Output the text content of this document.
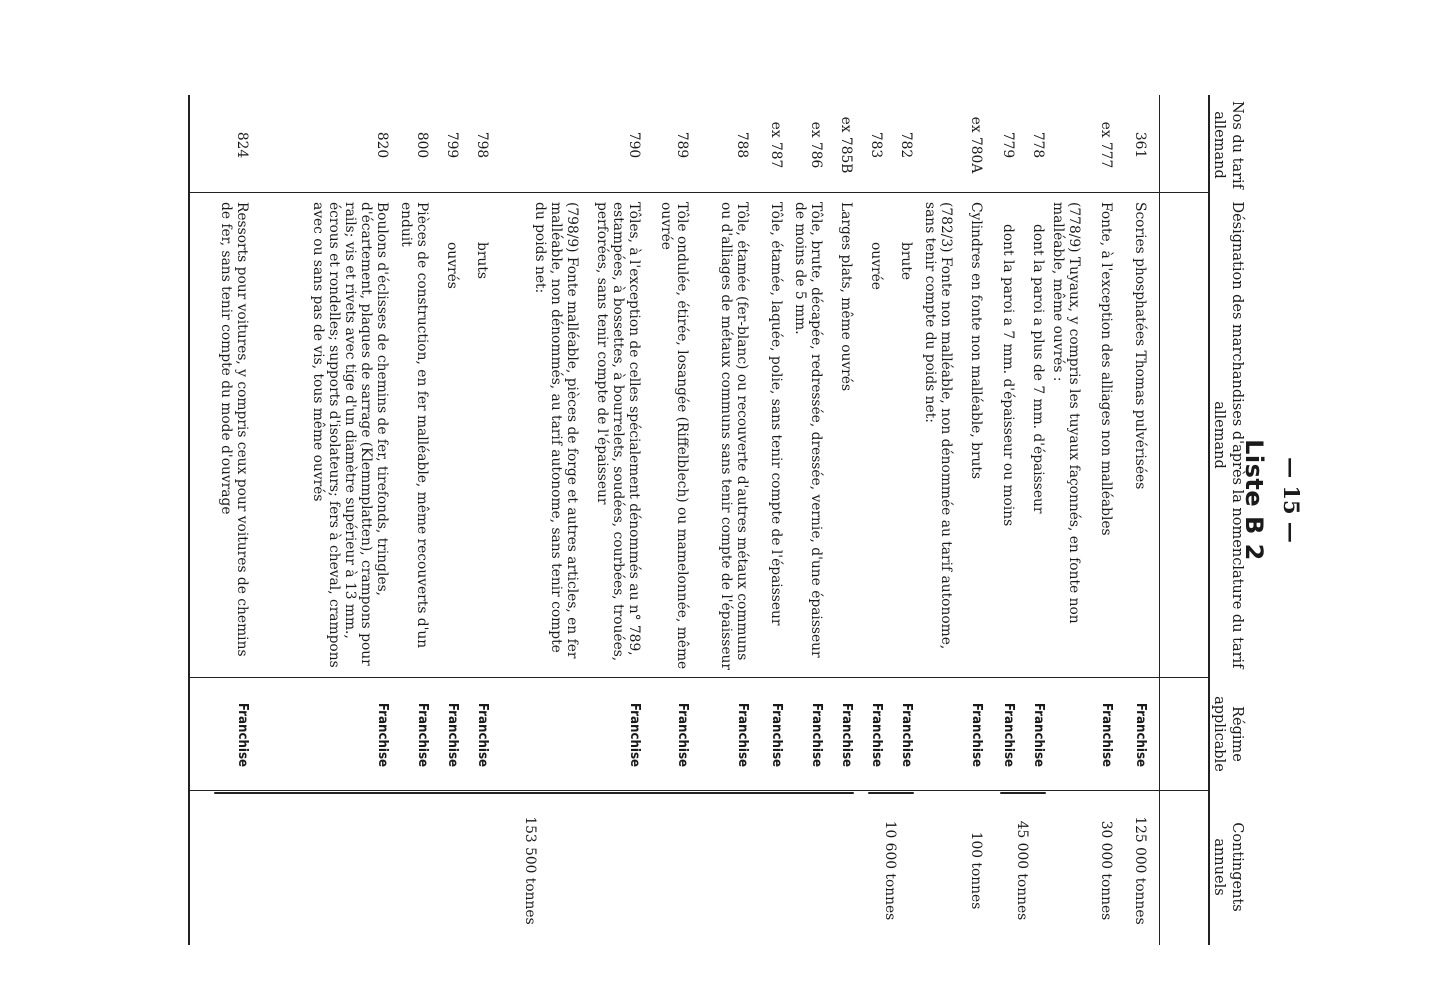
— 15 —
Liste B 2
Nos du tarif allemand
Désignation des marchandises d'après la nomenclature du tarif allemand
Régime applicable
Contingents annuels
361
Scories phosphatées Thomas pulvérisées
Franchise
125 000 tonnes
ex 777
Fonte, à l'exception des alliages non malléables
Franchise
30 000 tonnes
(778/9) Tuyaux, y compris les tuyaux façonnés, en fonte non malléable, même ouvrés :
778
dont la paroi a plus de 7 mm. d'épaisseur
Franchise
779
dont la paroi a 7 mm. d'épaisseur ou moins
Franchise
45 000 tonnes
ex 780A
Cylindres en fonte non malléable, bruts
Franchise
100 tonnes
(782/3) Fonte non malléable, non dénommée au tarif autonome, sans tenir compte du poids net:
782
brute
Franchise
783
ouvrée
Franchise
10 600 tonnes
ex 785B
Larges plats, même ouvrés
Franchise
ex 786
Tôle, brute, décapée, redressée, dressée, vernie, d'une épaisseur de moins de 5 mm.
Franchise
ex 787
Tôle, étamée, laquée, polie, sans tenir compte de l'épaisseur
Franchise
788
Tôle, étamée (fer-blanc) ou recouverte d'autres métaux communs ou d'alliages de métaux communs sans tenir compte de l'épaisseur
Franchise
789
Tôle ondulée, étirée, losangée (Riffelblech) ou mamelonnée, même ouvrée
Franchise
790
Tôles, à l'exception de celles spécialement dénommés au n° 789, estampées, à bossettes, à bourrelets, soudées, courbées, trouées, perforées, sans tenir compte de l'épaisseur
Franchise
(798/9) Fonte malléable, pièces de forge et autres articles, en fer malléable, non dénommés, au tarif autonome, sans tenir compte du poids net:
798
bruts
Franchise
799
ouvrés
Franchise
800
Pièces de construction, en fer malléable, même recouverts d'un enduit
Franchise
820
Boulons d'éclisses de chemins de fer, tirefonds, tringles, d'écartement, plaques de sarrage (Klemmplatten), crampons pour rails; vis et rivets avec tige d'un diamètre supérieur à 13 mm., écrous et rondelles; supports d'isolateurs; fers à cheval, crampons avec ou sans pas de vis, tous même ouvrés
Franchise
824
Ressorts pour voitures, y compris ceux pour voitures de chemins de fer, sans tenir compte du mode d'ouvrage
Franchise
153 500 tonnes
